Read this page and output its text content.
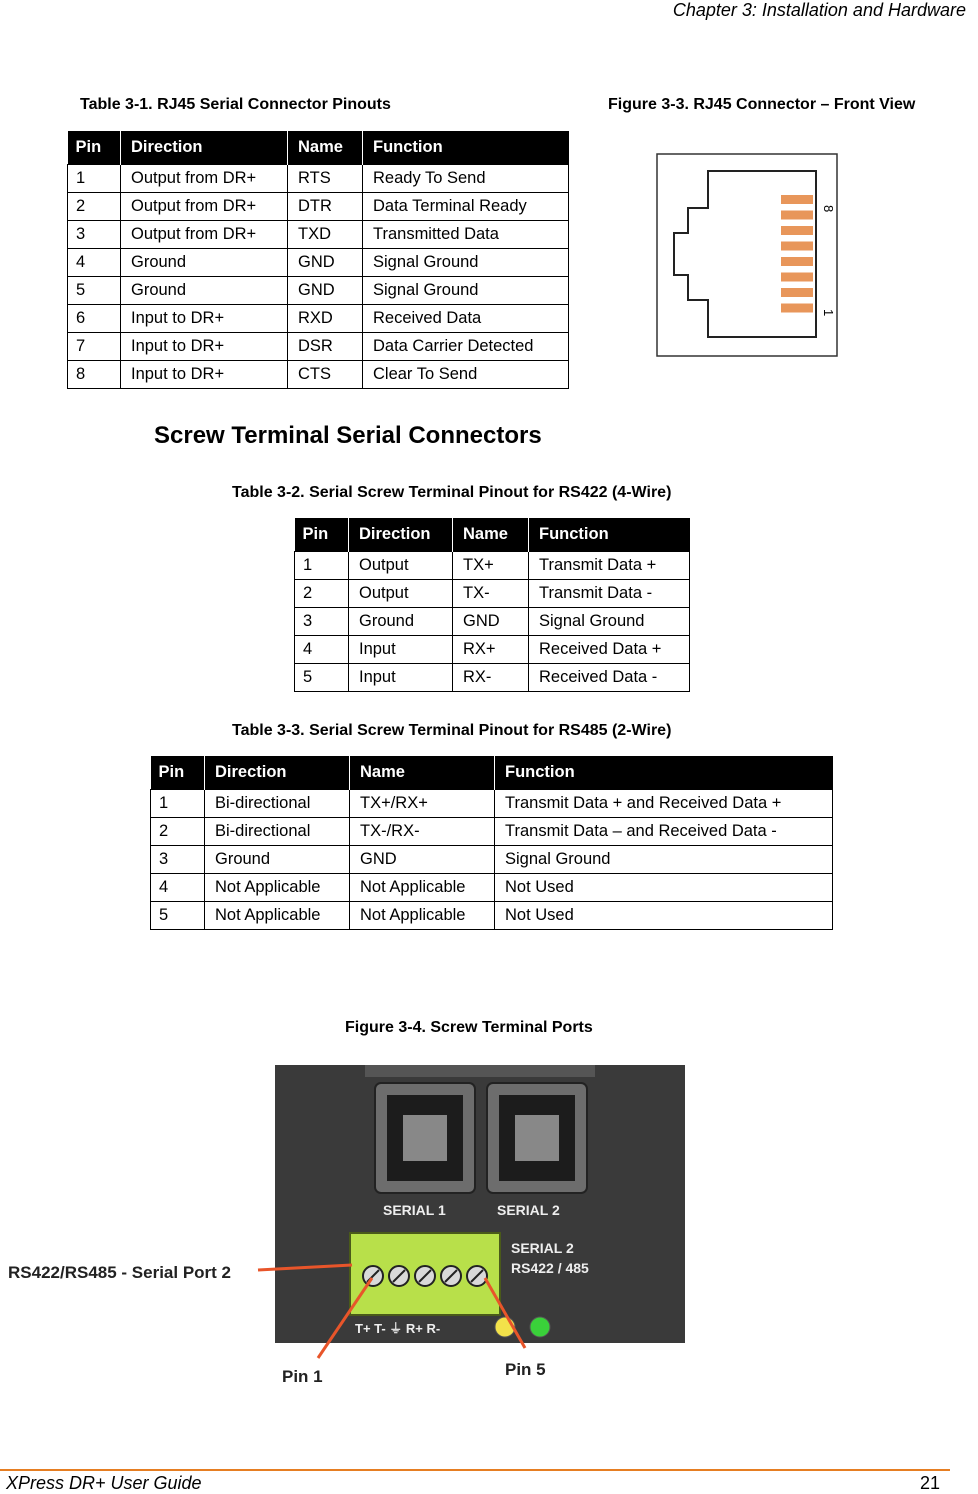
Chapter 3: Installation and Hardware
Table 3-1. RJ45 Serial Connector Pinouts
Pin	Direction	Name	Function
1	Output from DR+	RTS	Ready To Send
2	Output from DR+	DTR	Data Terminal Ready
3	Output from DR+	TXD	Transmitted Data
4	Ground	GND	Signal Ground
5	Ground	GND	Signal Ground
6	Input to DR+	RXD	Received Data
7	Input to DR+	DSR	Data Carrier Detected
8	Input to DR+	CTS	Clear To Send
Figure 3-3. RJ45 Connector – Front View
8
1
Screw Terminal Serial Connectors
Table 3-2. Serial Screw Terminal Pinout for RS422 (4-Wire)
Pin	Direction	Name	Function
1	Output	TX+	Transmit Data +
2	Output	TX-	Transmit Data -
3	Ground	GND	Signal Ground
4	Input	RX+	Received Data +
5	Input	RX-	Received Data -
Table 3-3. Serial Screw Terminal Pinout for RS485 (2-Wire)
Pin	Direction	Name	Function
1	Bi-directional	TX+/RX+	Transmit Data + and Received Data +
2	Bi-directional	TX-/RX-	Transmit Data – and Received Data -
3	Ground	GND	Signal Ground
4	Not Applicable	Not Applicable	Not Used
5	Not Applicable	Not Applicable	Not Used
Figure 3-4. Screw Terminal Ports
SERIAL 1	SERIAL 2
SERIAL 2
RS422 / 485
T+ T- ⏚ R+ R-
RS422/RS485 - Serial Port 2
Pin 1	Pin 5
XPress DR+ User Guide	21
